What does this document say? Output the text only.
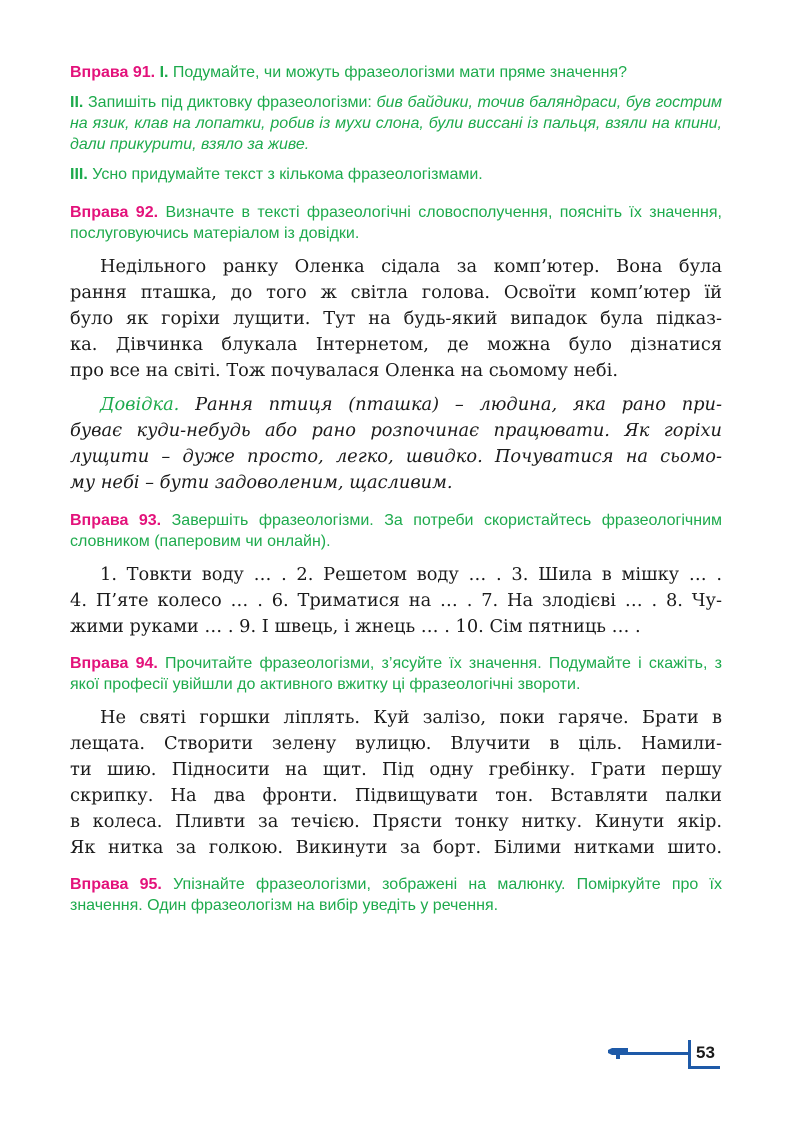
Вправа 91. I. Подумайте, чи можуть фразеологізми мати пряме значення?

II. Запишіть під диктовку фразеологізми: бив байдики, точив баляндраси, був гострим на язик, клав на лопатки, робив із мухи слона, були виссані із пальця, взяли на кпини, дали прикурити, взяло за живе.

III. Усно придумайте текст з кількома фразеологізмами.

Вправа 92. Визначте в тексті фразеологічні словосполучення, поясніть їх значення, послуговуючись матеріалом із довідки.

Недільного ранку Оленка сідала за комп’ютер. Вона була
рання пташка, до того ж світла голова. Освоїти комп’ютер їй
було як горіхи лущити. Тут на будь-який випадок була підказ-
ка. Дівчинка блукала Інтернетом, де можна було дізнатися
про все на світі. Тож почувалася Оленка на сьомому небі.
Довідка. Рання птиця (пташка) – людина, яка рано при-
буває куди-небудь або рано розпочинає працювати. Як горіхи
лущити – дуже просто, легко, швидко. Почуватися на сьомо-
му небі – бути задоволеним, щасливим.

Вправа 93. Завершіть фразеологізми. За потреби скористайтесь фразеологічним словником (паперовим чи онлайн).

1. Товкти воду … . 2. Решетом воду … . 3. Шила в мішку … .
4. П’яте колесо … . 6. Триматися на … . 7. На злодієві … . 8. Чу-
жими руками … . 9. І швець, і жнець … . 10. Сім пятниць … .

Вправа 94. Прочитайте фразеологізми, з’ясуйте їх значення. Подумайте і скажіть, з якої професії увійшли до активного вжитку ці фразеологічні звороти.

Не святі горшки ліплять. Куй залізо, поки гаряче. Брати в
лещата. Створити зелену вулицю. Влучити в ціль. Намили-
ти шию. Підносити на щит. Під одну гребінку. Грати першу
скрипку. На два фронти. Підвищувати тон. Вставляти палки
в колеса. Пливти за течією. Прясти тонку нитку. Кинути якір.
Як нитка за голкою. Викинути за борт. Білими нитками шито.

Вправа 95. Упізнайте фразеологізми, зображені на малюнку. Поміркуйте про їх значення. Один фразеологізм на вибір уведіть у речення.

53
